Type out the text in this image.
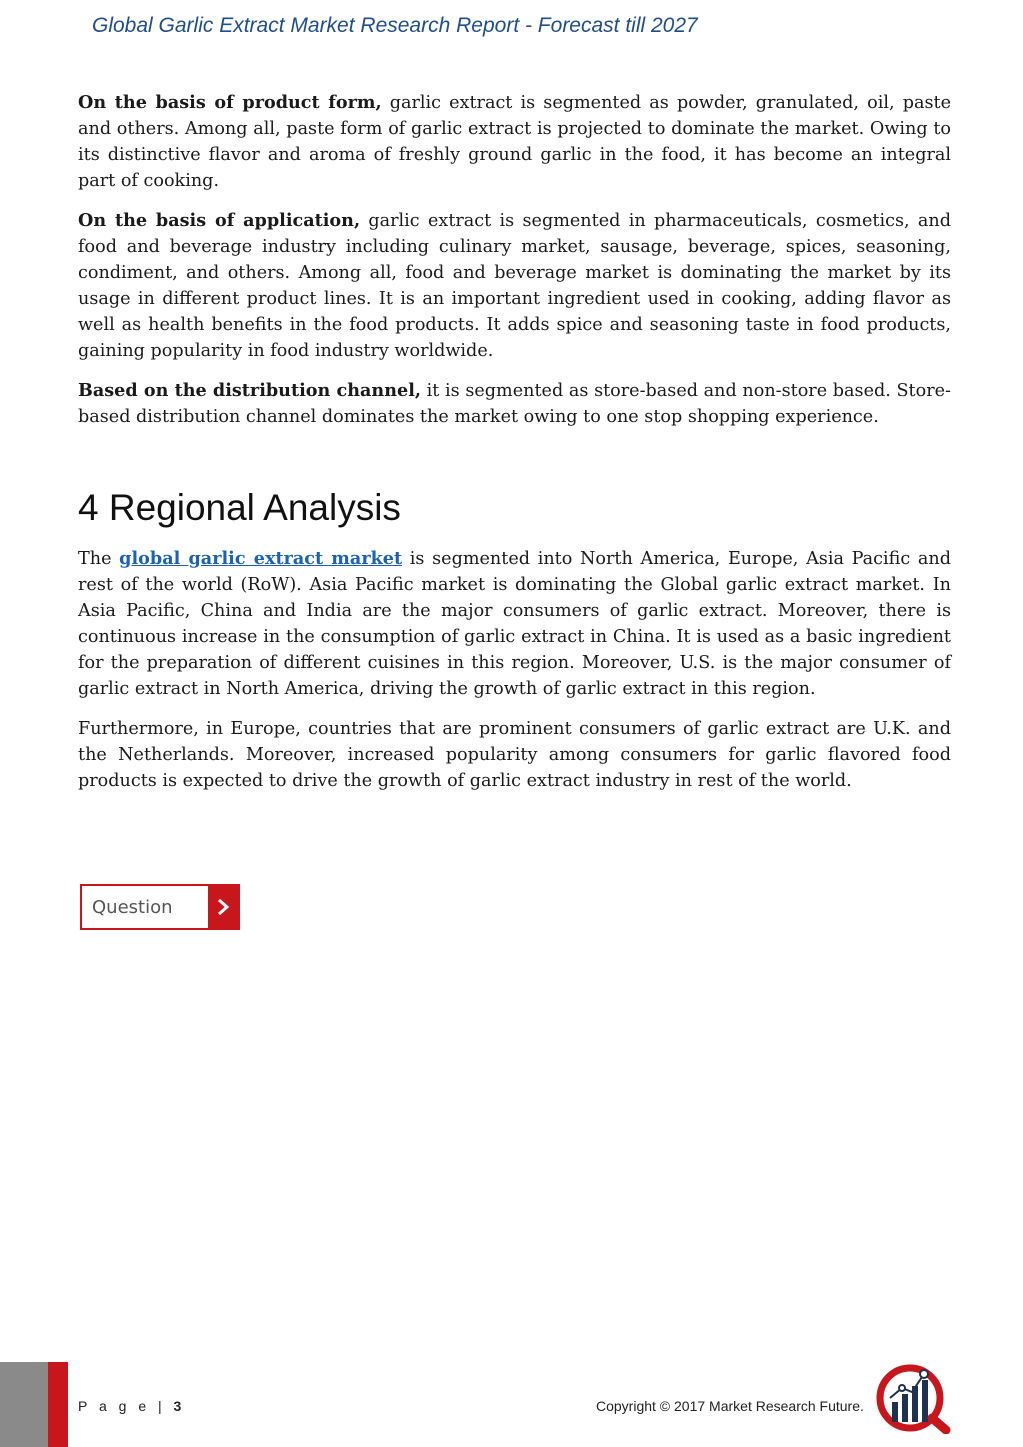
Global Garlic Extract Market Research Report - Forecast till 2027

On the basis of product form, garlic extract is segmented as powder, granulated, oil, paste and others. Among all, paste form of garlic extract is projected to dominate the market. Owing to its distinctive flavor and aroma of freshly ground garlic in the food, it has become an integral part of cooking.

On the basis of application, garlic extract is segmented in pharmaceuticals, cosmetics, and food and beverage industry including culinary market, sausage, beverage, spices, seasoning, condiment, and others. Among all, food and beverage market is dominating the market by its usage in different product lines. It is an important ingredient used in cooking, adding flavor as well as health benefits in the food products. It adds spice and seasoning taste in food products, gaining popularity in food industry worldwide.

Based on the distribution channel, it is segmented as store-based and non-store based. Store-based distribution channel dominates the market owing to one stop shopping experience.

4 Regional Analysis

The global garlic extract market is segmented into North America, Europe, Asia Pacific and rest of the world (RoW). Asia Pacific market is dominating the Global garlic extract market. In Asia Pacific, China and India are the major consumers of garlic extract. Moreover, there is continuous increase in the consumption of garlic extract in China. It is used as a basic ingredient for the preparation of different cuisines in this region. Moreover, U.S. is the major consumer of garlic extract in North America, driving the growth of garlic extract in this region.

Furthermore, in Europe, countries that are prominent consumers of garlic extract are U.K. and the Netherlands. Moreover, increased popularity among consumers for garlic flavored food products is expected to drive the growth of garlic extract industry in rest of the world.

Question
P a g e | 3	Copyright © 2017 Market Research Future.
